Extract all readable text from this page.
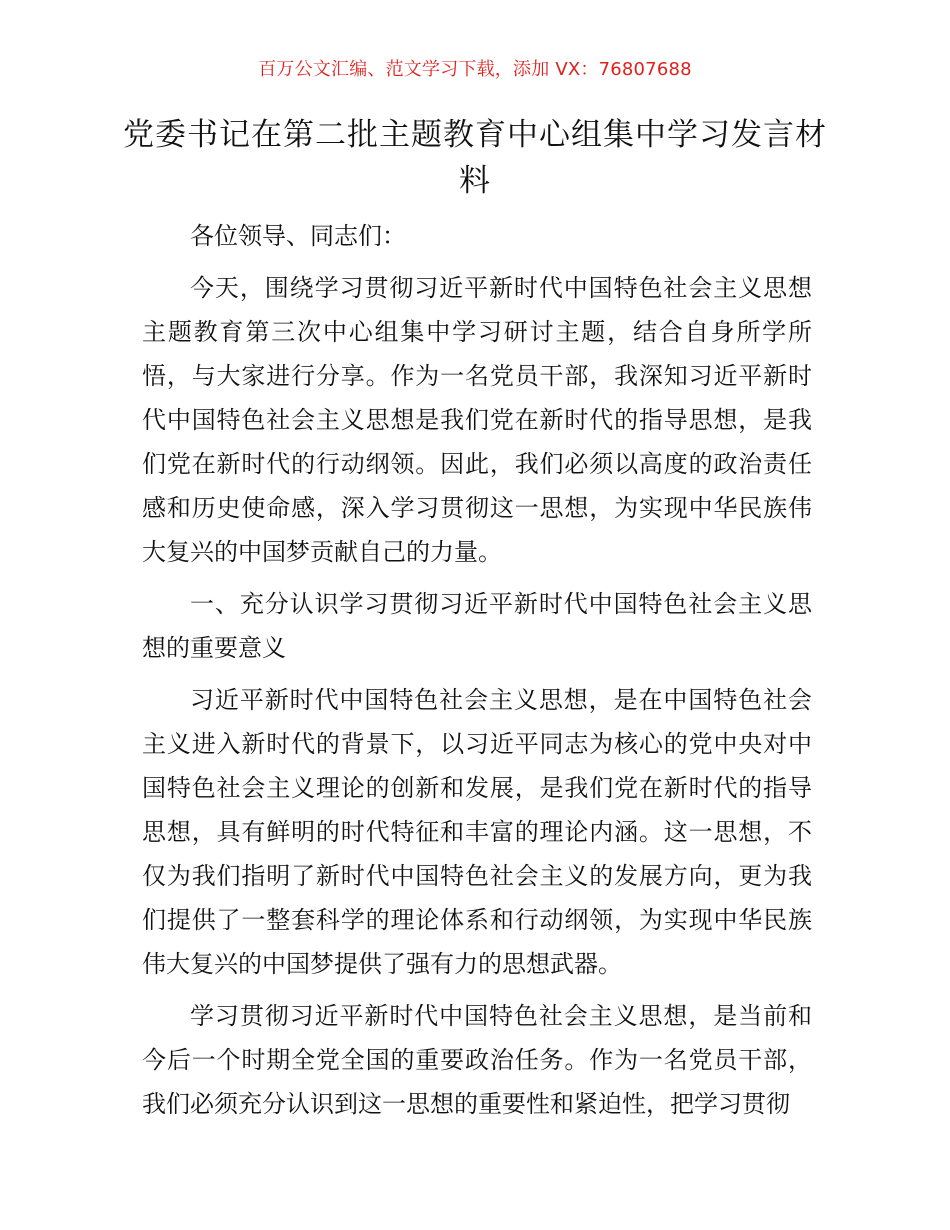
百万公文汇编、范文学习下载，添加 VX：76807688
党委书记在第二批主题教育中心组集中学习发言材料

各位领导、同志们：

今天，围绕学习贯彻习近平新时代中国特色社会主义思想主题教育第三次中心组集中学习研讨主题，结合自身所学所悟，与大家进行分享。作为一名党员干部，我深知习近平新时代中国特色社会主义思想是我们党在新时代的指导思想，是我们党在新时代的行动纲领。因此，我们必须以高度的政治责任感和历史使命感，深入学习贯彻这一思想，为实现中华民族伟大复兴的中国梦贡献自己的力量。

一、充分认识学习贯彻习近平新时代中国特色社会主义思想的重要意义

习近平新时代中国特色社会主义思想，是在中国特色社会主义进入新时代的背景下，以习近平同志为核心的党中央对中国特色社会主义理论的创新和发展，是我们党在新时代的指导思想，具有鲜明的时代特征和丰富的理论内涵。这一思想，不仅为我们指明了新时代中国特色社会主义的发展方向，更为我们提供了一整套科学的理论体系和行动纲领，为实现中华民族伟大复兴的中国梦提供了强有力的思想武器。

学习贯彻习近平新时代中国特色社会主义思想，是当前和今后一个时期全党全国的重要政治任务。作为一名党员干部，我们必须充分认识到这一思想的重要性和紧迫性，把学习贯彻
